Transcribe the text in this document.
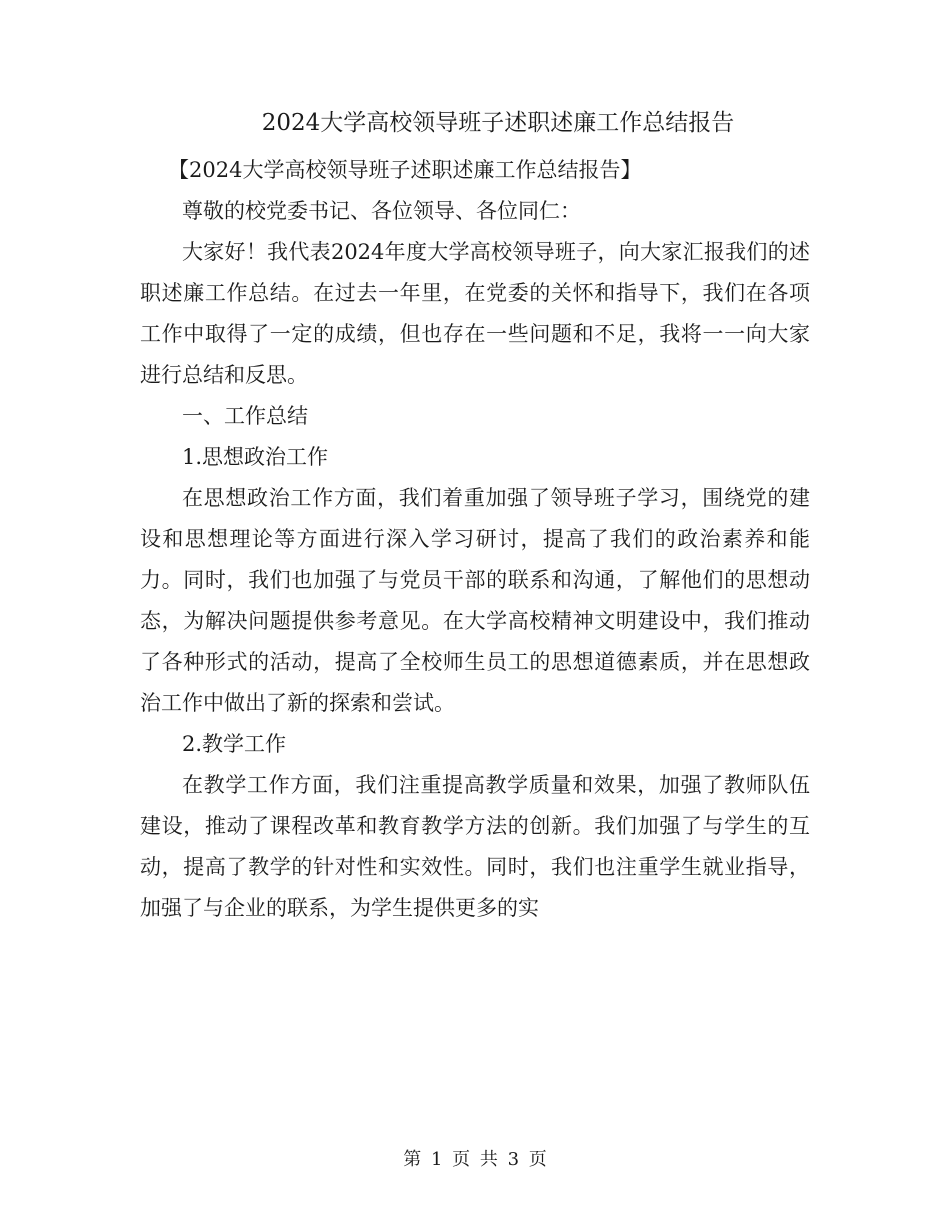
2024大学高校领导班子述职述廉工作总结报告

【2024大学高校领导班子述职述廉工作总结报告】

尊敬的校党委书记、各位领导、各位同仁：

大家好！我代表2024年度大学高校领导班子，向大家汇报我们的述职述廉工作总结。在过去一年里，在党委的关怀和指导下，我们在各项工作中取得了一定的成绩，但也存在一些问题和不足，我将一一向大家进行总结和反思。

一、工作总结

1.思想政治工作

在思想政治工作方面，我们着重加强了领导班子学习，围绕党的建设和思想理论等方面进行深入学习研讨，提高了我们的政治素养和能力。同时，我们也加强了与党员干部的联系和沟通，了解他们的思想动态，为解决问题提供参考意见。在大学高校精神文明建设中，我们推动了各种形式的活动，提高了全校师生员工的思想道德素质，并在思想政治工作中做出了新的探索和尝试。

2.教学工作

在教学工作方面，我们注重提高教学质量和效果，加强了教师队伍建设，推动了课程改革和教育教学方法的创新。我们加强了与学生的互动，提高了教学的针对性和实效性。同时，我们也注重学生就业指导，加强了与企业的联系，为学生提供更多的实

第 1 页 共 3 页
